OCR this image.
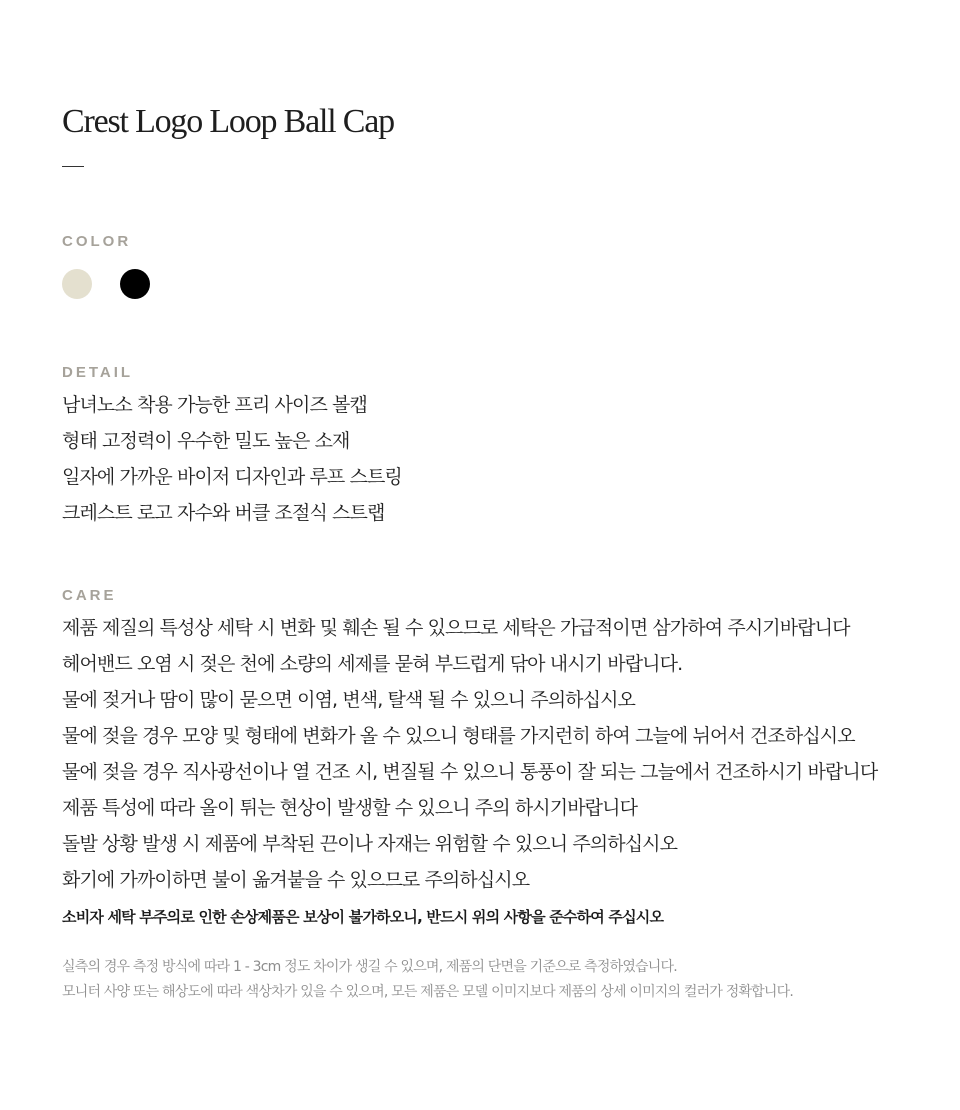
Crest Logo Loop Ball Cap
COLOR
DETAIL
남녀노소 착용 가능한 프리 사이즈 볼캡
형태 고정력이 우수한 밀도 높은 소재
일자에 가까운 바이저 디자인과 루프 스트링
크레스트 로고 자수와 버클 조절식 스트랩
CARE
제품 제질의 특성상 세탁 시 변화 및 훼손 될 수 있으므로 세탁은 가급적이면 삼가하여 주시기바랍니다
헤어밴드 오염 시 젖은 천에 소량의 세제를 묻혀 부드럽게 닦아 내시기 바랍니다.
물에 젖거나 땀이 많이 묻으면 이염, 변색, 탈색 될 수 있으니 주의하십시오
물에 젖을 경우 모양 및 형태에 변화가 올 수 있으니 형태를 가지런히 하여 그늘에 뉘어서 건조하십시오
물에 젖을 경우 직사광선이나 열 건조 시, 변질될 수 있으니 통풍이 잘 되는 그늘에서 건조하시기 바랍니다
제품 특성에 따라 올이 튀는 현상이 발생할 수 있으니 주의 하시기바랍니다
돌발 상황 발생 시 제품에 부착된 끈이나 자재는 위험할 수 있으니 주의하십시오
화기에 가까이하면 불이 옮겨붙을 수 있으므로 주의하십시오

소비자 세탁 부주의로 인한 손상제품은 보상이 불가하오니, 반드시 위의 사항을 준수하여 주십시오

실측의 경우 측정 방식에 따라 1 - 3cm 정도 차이가 생길 수 있으며, 제품의 단면을 기준으로 측정하였습니다.
모니터 사양 또는 해상도에 따라 색상차가 있을 수 있으며, 모든 제품은 모델 이미지보다 제품의 상세 이미지의 컬러가 정확합니다.
